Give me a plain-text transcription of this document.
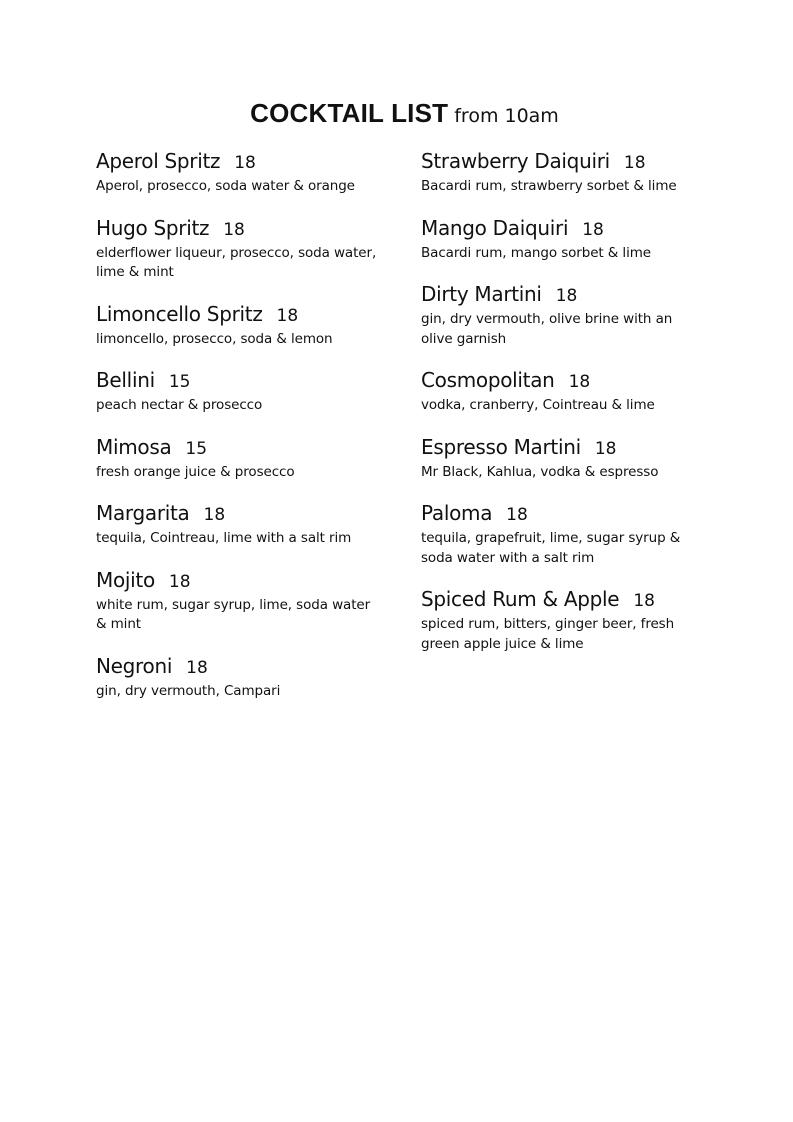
COCKTAIL LIST from 10am
Aperol Spritz 18
Aperol, prosecco, soda water & orange
Hugo Spritz 18
elderflower liqueur, prosecco, soda water, lime & mint
Limoncello Spritz 18
limoncello, prosecco, soda & lemon
Bellini 15
peach nectar & prosecco
Mimosa 15
fresh orange juice & prosecco
Margarita 18
tequila, Cointreau, lime with a salt rim
Mojito 18
white rum, sugar syrup, lime, soda water & mint
Negroni 18
gin, dry vermouth, Campari
Strawberry Daiquiri 18
Bacardi rum, strawberry sorbet & lime
Mango Daiquiri 18
Bacardi rum, mango sorbet & lime
Dirty Martini 18
gin, dry vermouth, olive brine with an olive garnish
Cosmopolitan 18
vodka, cranberry, Cointreau & lime
Espresso Martini 18
Mr Black, Kahlua, vodka & espresso
Paloma 18
tequila, grapefruit, lime, sugar syrup & soda water with a salt rim
Spiced Rum & Apple 18
spiced rum, bitters, ginger beer, fresh green apple juice & lime
